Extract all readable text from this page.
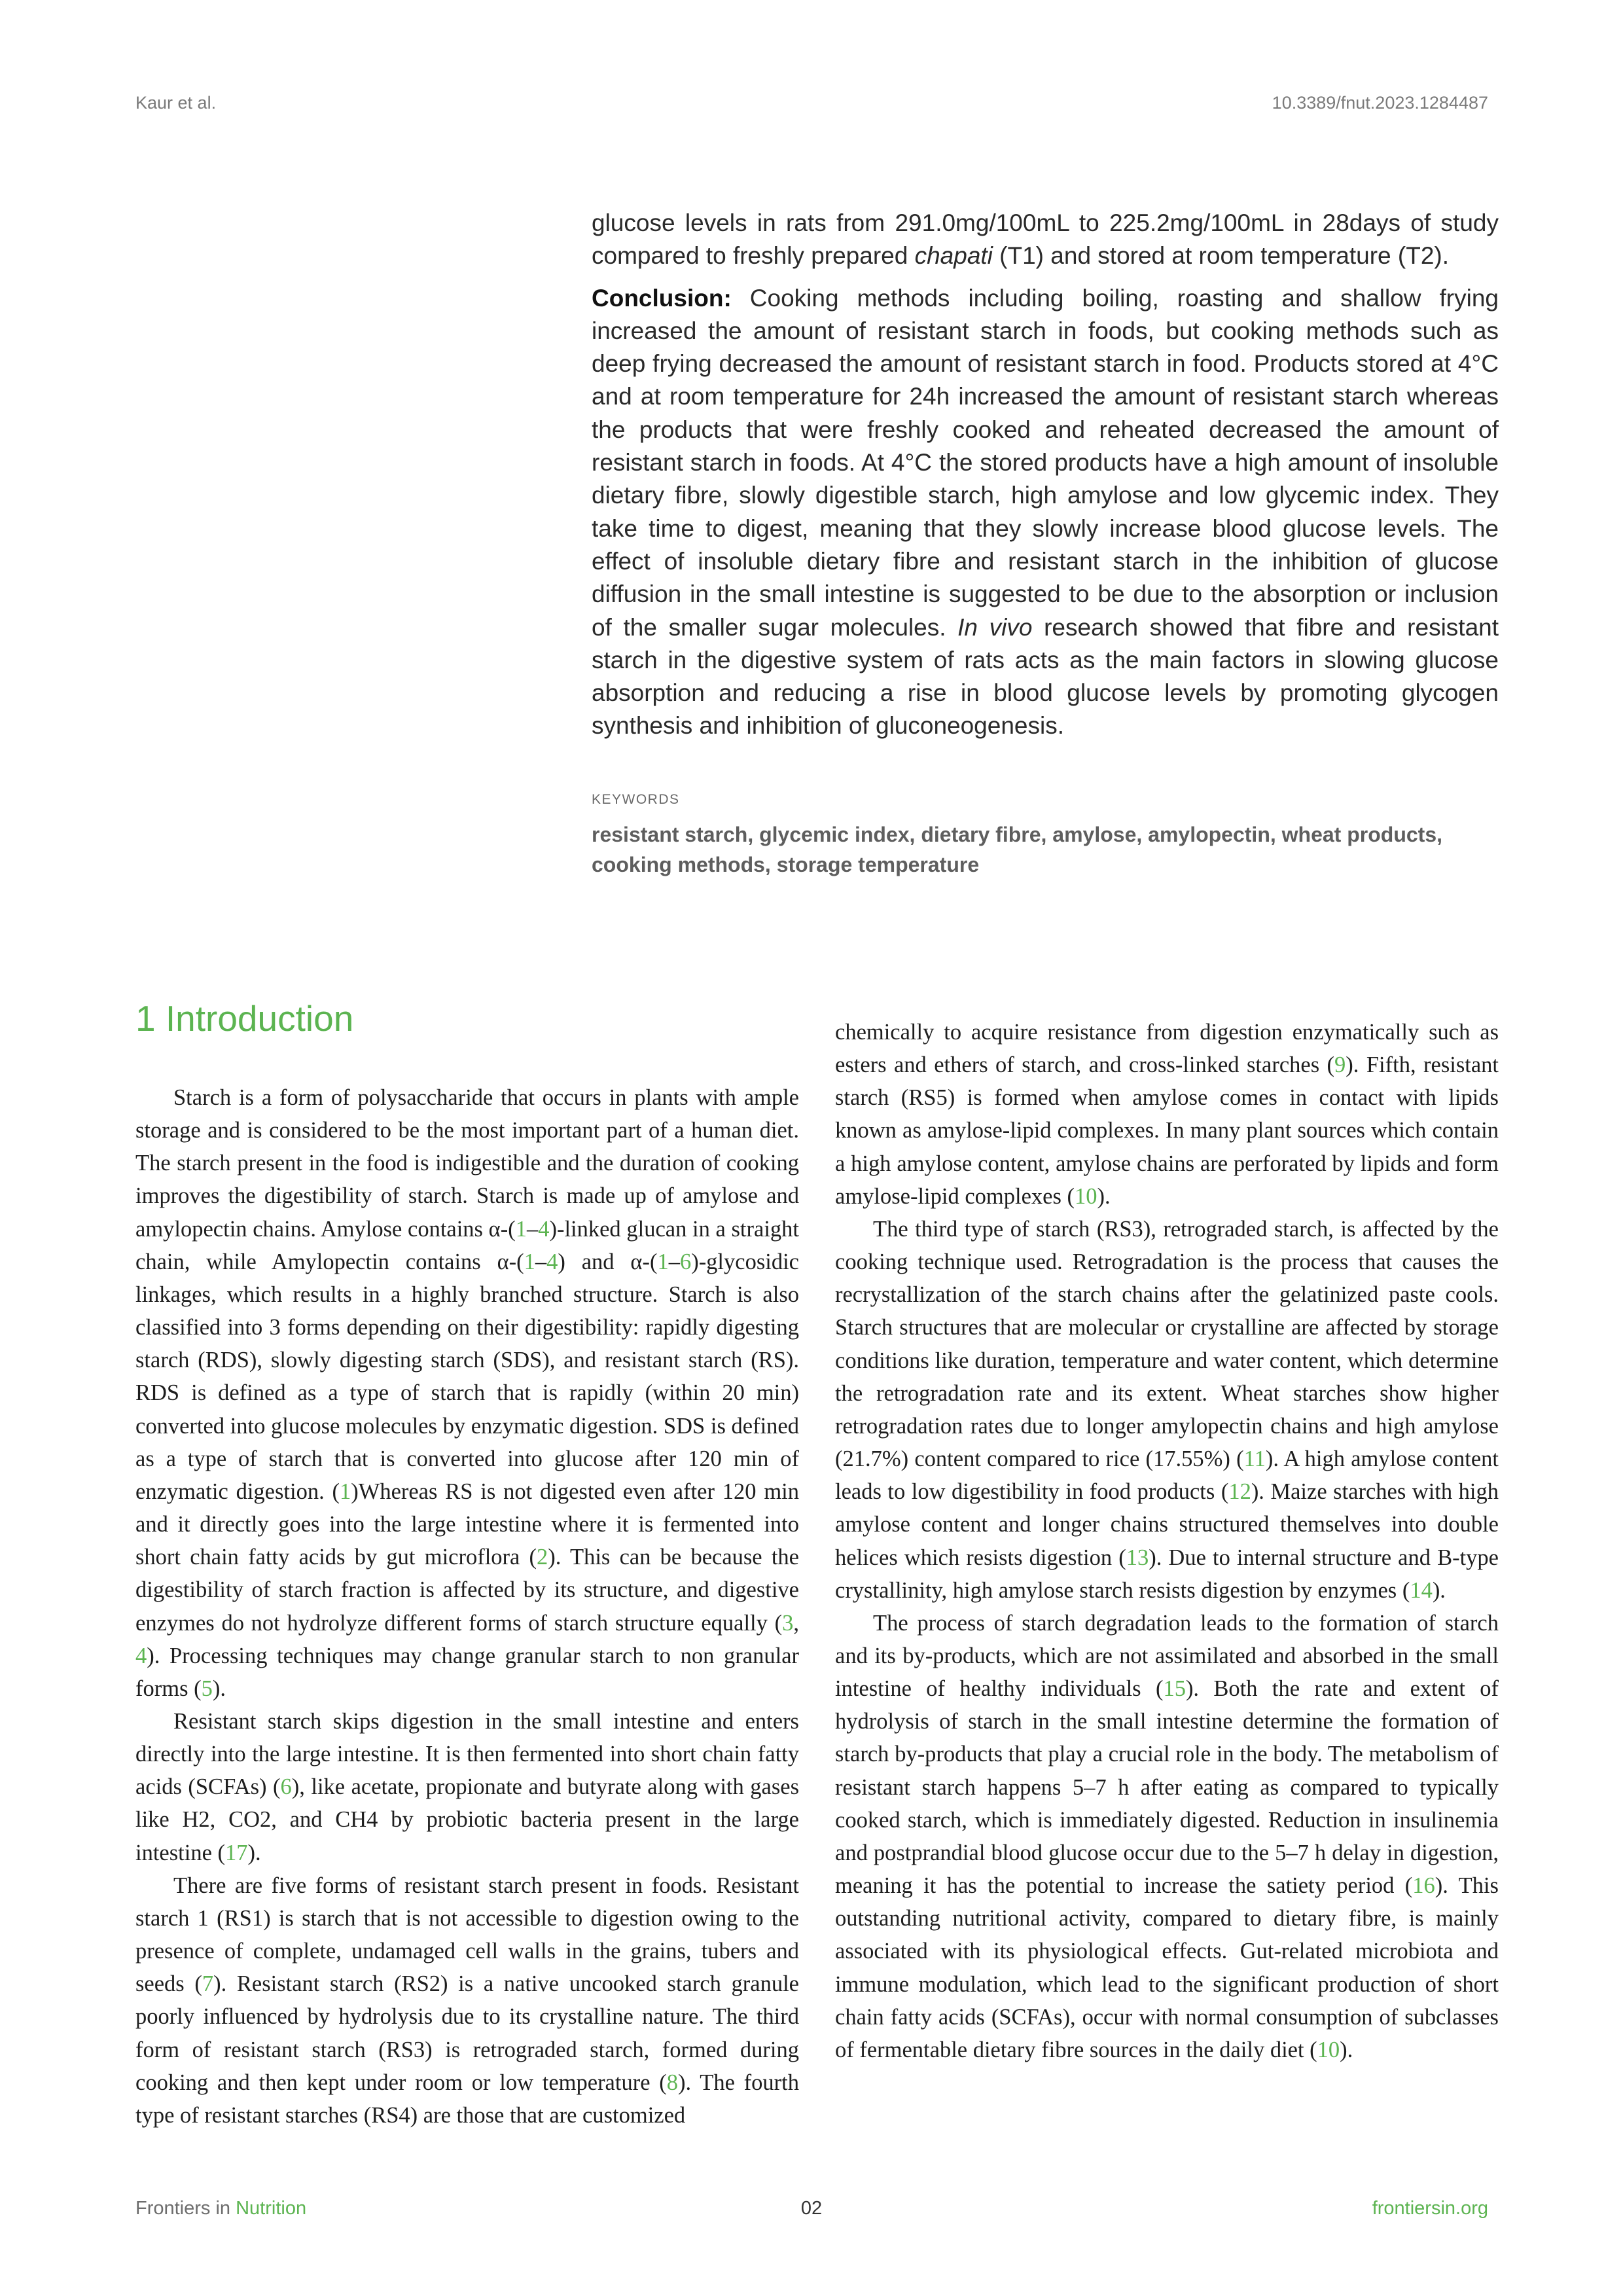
Kaur et al.	10.3389/fnut.2023.1284487

glucose levels in rats from 291.0mg/100mL to 225.2mg/100mL in 28days of study compared to freshly prepared chapati (T1) and stored at room temperature (T2).

Conclusion: Cooking methods including boiling, roasting and shallow frying increased the amount of resistant starch in foods, but cooking methods such as deep frying decreased the amount of resistant starch in food. Products stored at 4°C and at room temperature for 24h increased the amount of resistant starch whereas the products that were freshly cooked and reheated decreased the amount of resistant starch in foods. At 4°C the stored products have a high amount of insoluble dietary fibre, slowly digestible starch, high amylose and low glycemic index. They take time to digest, meaning that they slowly increase blood glucose levels. The effect of insoluble dietary fibre and resistant starch in the inhibition of glucose diffusion in the small intestine is suggested to be due to the absorption or inclusion of the smaller sugar molecules. In vivo research showed that fibre and resistant starch in the digestive system of rats acts as the main factors in slowing glucose absorption and reducing a rise in blood glucose levels by promoting glycogen synthesis and inhibition of gluconeogenesis.

KEYWORDS
resistant starch, glycemic index, dietary fibre, amylose, amylopectin, wheat products, cooking methods, storage temperature
1 Introduction

Starch is a form of polysaccharide that occurs in plants with ample storage and is considered to be the most important part of a human diet. The starch present in the food is indigestible and the duration of cooking improves the digestibility of starch. Starch is made up of amylose and amylopectin chains. Amylose contains α-(1–4)-linked glucan in a straight chain, while Amylopectin contains α-(1–4) and α-(1–6)-glycosidic linkages, which results in a highly branched structure. Starch is also classified into 3 forms depending on their digestibility: rapidly digesting starch (RDS), slowly digesting starch (SDS), and resistant starch (RS). RDS is defined as a type of starch that is rapidly (within 20 min) converted into glucose molecules by enzymatic digestion. SDS is defined as a type of starch that is converted into glucose after 120 min of enzymatic digestion. (1)Whereas RS is not digested even after 120 min and it directly goes into the large intestine where it is fermented into short chain fatty acids by gut microflora (2). This can be because the digestibility of starch fraction is affected by its structure, and digestive enzymes do not hydrolyze different forms of starch structure equally (3, 4). Processing techniques may change granular starch to non granular forms (5).

Resistant starch skips digestion in the small intestine and enters directly into the large intestine. It is then fermented into short chain fatty acids (SCFAs) (6), like acetate, propionate and butyrate along with gases like H2, CO2, and CH4 by probiotic bacteria present in the large intestine (17).

There are five forms of resistant starch present in foods. Resistant starch 1 (RS1) is starch that is not accessible to digestion owing to the presence of complete, undamaged cell walls in the grains, tubers and seeds (7). Resistant starch (RS2) is a native uncooked starch granule poorly influenced by hydrolysis due to its crystalline nature. The third form of resistant starch (RS3) is retrograded starch, formed during cooking and then kept under room or low temperature (8). The fourth type of resistant starches (RS4) are those that are customized

chemically to acquire resistance from digestion enzymatically such as esters and ethers of starch, and cross-linked starches (9). Fifth, resistant starch (RS5) is formed when amylose comes in contact with lipids known as amylose-lipid complexes. In many plant sources which contain a high amylose content, amylose chains are perforated by lipids and form amylose-lipid complexes (10).

The third type of starch (RS3), retrograded starch, is affected by the cooking technique used. Retrogradation is the process that causes the recrystallization of the starch chains after the gelatinized paste cools. Starch structures that are molecular or crystalline are affected by storage conditions like duration, temperature and water content, which determine the retrogradation rate and its extent. Wheat starches show higher retrogradation rates due to longer amylopectin chains and high amylose (21.7%) content compared to rice (17.55%) (11). A high amylose content leads to low digestibility in food products (12). Maize starches with high amylose content and longer chains structured themselves into double helices which resists digestion (13). Due to internal structure and B-type crystallinity, high amylose starch resists digestion by enzymes (14).

The process of starch degradation leads to the formation of starch and its by-products, which are not assimilated and absorbed in the small intestine of healthy individuals (15). Both the rate and extent of hydrolysis of starch in the small intestine determine the formation of starch by-products that play a crucial role in the body. The metabolism of resistant starch happens 5–7 h after eating as compared to typically cooked starch, which is immediately digested. Reduction in insulinemia and postprandial blood glucose occur due to the 5–7 h delay in digestion, meaning it has the potential to increase the satiety period (16). This outstanding nutritional activity, compared to dietary fibre, is mainly associated with its physiological effects. Gut-related microbiota and immune modulation, which lead to the significant production of short chain fatty acids (SCFAs), occur with normal consumption of subclasses of fermentable dietary fibre sources in the daily diet (10).

Frontiers in Nutrition	02	frontiersin.org
